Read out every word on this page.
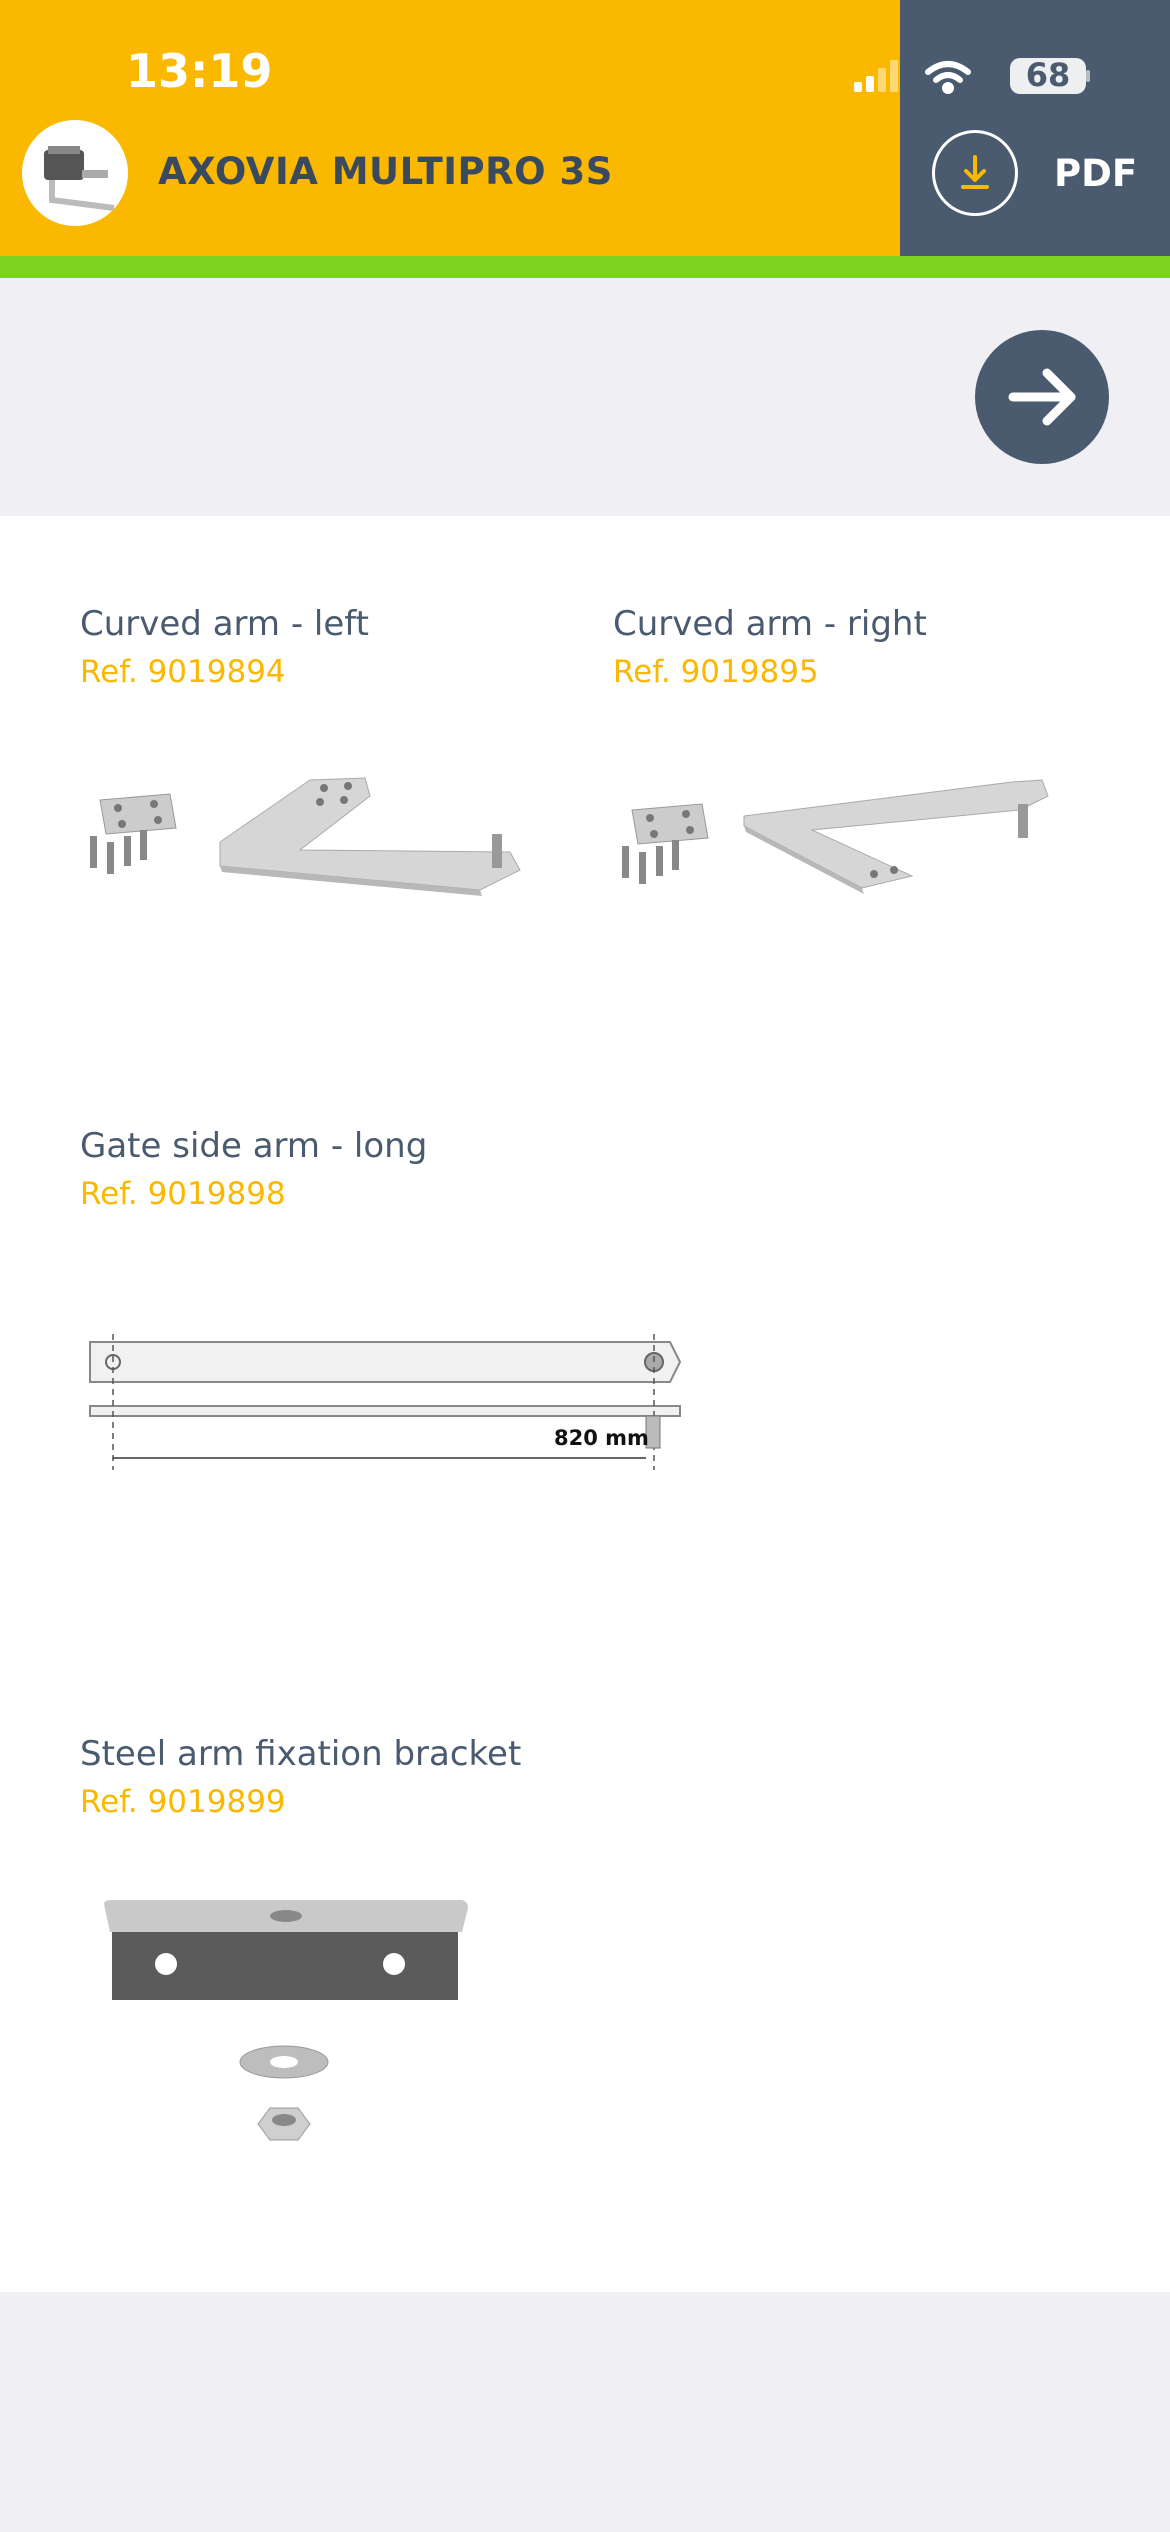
13:19	68
AXOVIA MULTIPRO 3S	PDF
Curved arm - left
Ref. 9019894
Curved arm - right
Ref. 9019895
Gate side arm - long
Ref. 9019898
820 mm
Steel arm fixation bracket
Ref. 9019899
